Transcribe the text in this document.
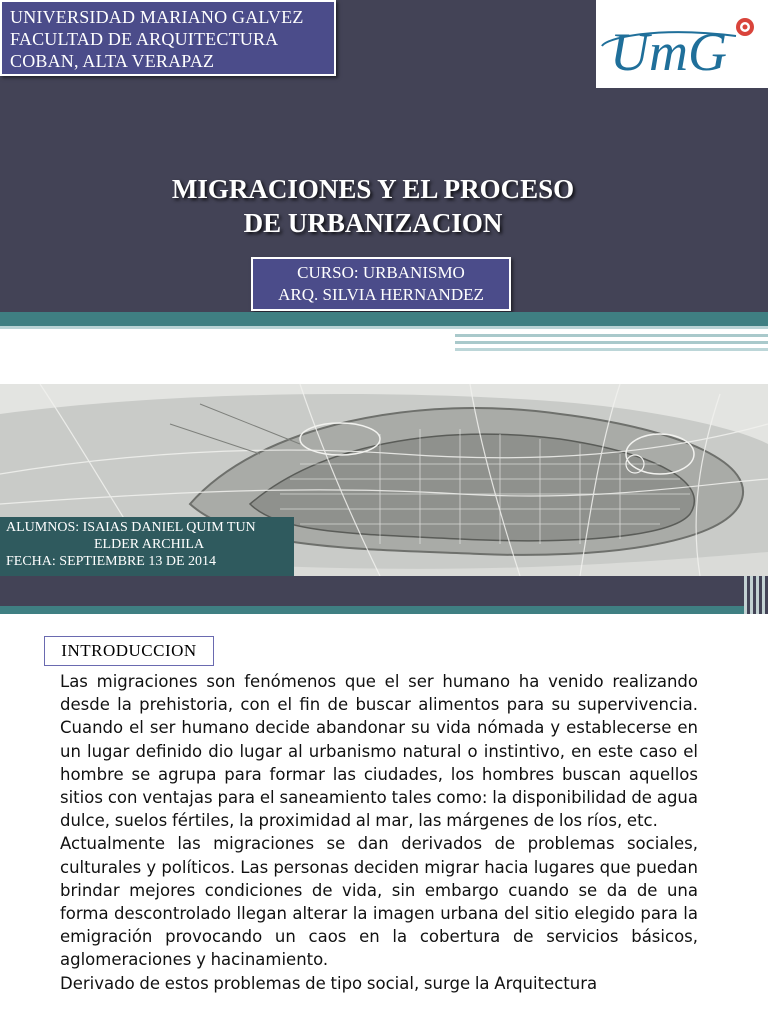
UNIVERSIDAD MARIANO GALVEZ
FACULTAD DE ARQUITECTURA
COBAN, ALTA VERAPAZ	UmG
MIGRACIONES Y EL PROCESO
DE URBANIZACION
CURSO: URBANISMO
ARQ. SILVIA HERNANDEZ
ALUMNOS: ISAIAS DANIEL QUIM TUN
ELDER ARCHILA
FECHA: SEPTIEMBRE 13 DE 2014
INTRODUCCION

Las migraciones son fenómenos que el ser humano ha venido realizando desde la prehistoria, con el fin de buscar alimentos para su supervivencia. Cuando el ser humano decide abandonar su vida nómada y establecerse en un lugar definido dio lugar al urbanismo natural o instintivo, en este caso el hombre se agrupa para formar las ciudades, los hombres buscan aquellos sitios con ventajas para el saneamiento tales como: la disponibilidad de agua dulce, suelos fértiles, la proximidad al mar, las márgenes de los ríos, etc.

Actualmente las migraciones se dan derivados de problemas sociales, culturales y políticos. Las personas deciden migrar hacia lugares que puedan brindar mejores condiciones de vida, sin embargo cuando se da de una forma descontrolado llegan alterar la imagen urbana del sitio elegido para la emigración provocando un caos en la cobertura de servicios básicos, aglomeraciones y hacinamiento.

Derivado de estos problemas de tipo social, surge la Arquitectura
